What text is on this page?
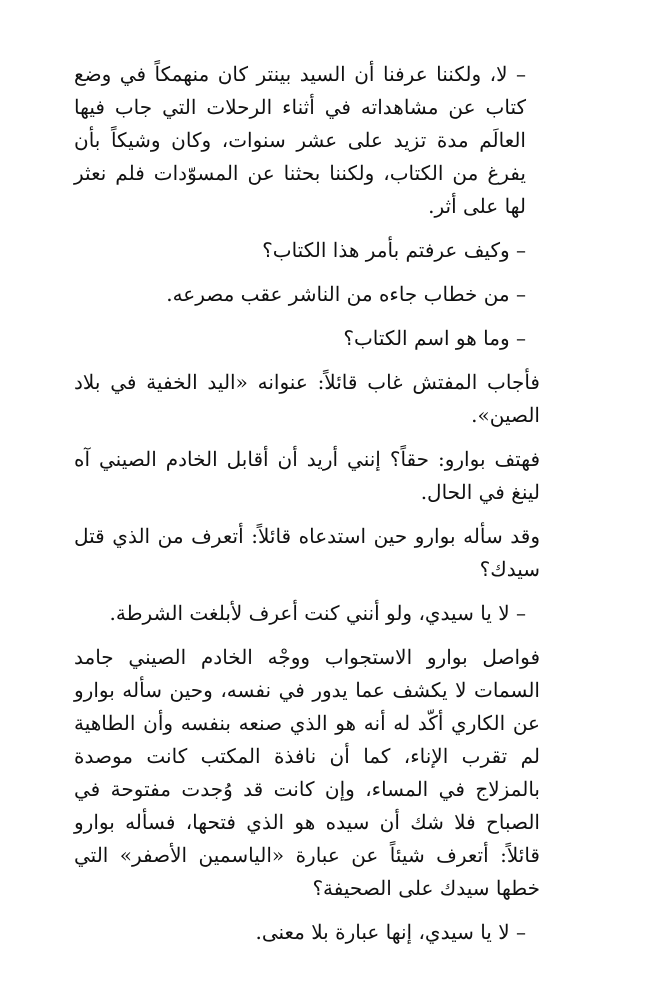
– لا، ولكننا عرفنا أن السيد بينتر كان منهمكاً في وضع كتاب عن مشاهداته في أثناء الرحلات التي جاب فيها العالَم مدة تزيد على عشر سنوات، وكان وشيكاً بأن يفرغ من الكتاب، ولكننا بحثنا عن المسوّدات فلم نعثر لها على أثر.

– وكيف عرفتم بأمر هذا الكتاب؟

– من خطاب جاءه من الناشر عقب مصرعه.

– وما هو اسم الكتاب؟

فأجاب المفتش غاب قائلاً: عنوانه «اليد الخفية في بلاد الصين».

فهتف بوارو: حقاً؟ إنني أريد أن أقابل الخادم الصيني آه لينغ في الحال.

وقد سأله بوارو حين استدعاه قائلاً: أتعرف من الذي قتل سيدك؟

– لا يا سيدي، ولو أنني كنت أعرف لأبلغت الشرطة.

فواصل بوارو الاستجواب ووجْه الخادم الصيني جامد السمات لا يكشف عما يدور في نفسه، وحين سأله بوارو عن الكاري أكّد له أنه هو الذي صنعه بنفسه وأن الطاهية لم تقرب الإناء، كما أن نافذة المكتب كانت موصدة بالمزلاج في المساء، وإن كانت قد وُجدت مفتوحة في الصباح فلا شك أن سيده هو الذي فتحها، فسأله بوارو قائلاً: أتعرف شيئاً عن عبارة «الياسمين الأصفر» التي خطها سيدك على الصحيفة؟

– لا يا سيدي، إنها عبارة بلا معنى.
